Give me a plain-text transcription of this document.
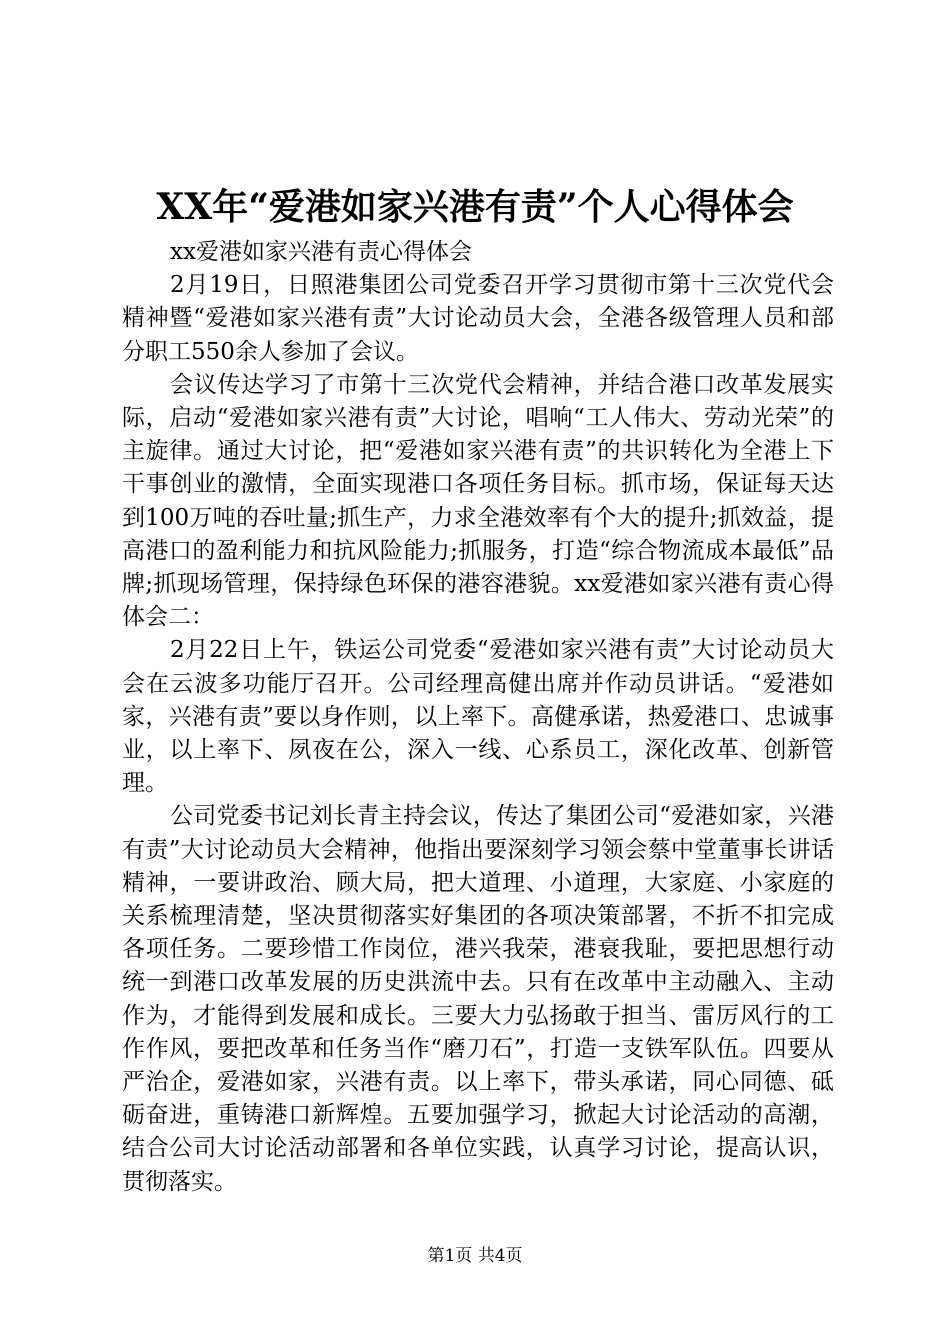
XX年“爱港如家兴港有责”个人心得体会

xx爱港如家兴港有责心得体会

2月19日，日照港集团公司党委召开学习贯彻市第十三次党代会精神暨“爱港如家兴港有责”大讨论动员大会，全港各级管理人员和部分职工550余人参加了会议。

会议传达学习了市第十三次党代会精神，并结合港口改革发展实际，启动“爱港如家兴港有责”大讨论，唱响“工人伟大、劳动光荣”的主旋律。通过大讨论，把“爱港如家兴港有责”的共识转化为全港上下干事创业的激情，全面实现港口各项任务目标。抓市场，保证每天达到100万吨的吞吐量;抓生产，力求全港效率有个大的提升;抓效益，提高港口的盈利能力和抗风险能力;抓服务，打造“综合物流成本最低”品牌;抓现场管理，保持绿色环保的港容港貌。xx爱港如家兴港有责心得体会二：

2月22日上午，铁运公司党委“爱港如家兴港有责”大讨论动员大会在云波多功能厅召开。公司经理高健出席并作动员讲话。“爱港如家，兴港有责”要以身作则，以上率下。高健承诺，热爱港口、忠诚事业，以上率下、夙夜在公，深入一线、心系员工，深化改革、创新管理。

公司党委书记刘长青主持会议，传达了集团公司“爱港如家，兴港有责”大讨论动员大会精神，他指出要深刻学习领会蔡中堂董事长讲话精神，一要讲政治、顾大局，把大道理、小道理，大家庭、小家庭的关系梳理清楚，坚决贯彻落实好集团的各项决策部署，不折不扣完成各项任务。二要珍惜工作岗位，港兴我荣，港衰我耻，要把思想行动统一到港口改革发展的历史洪流中去。只有在改革中主动融入、主动作为，才能得到发展和成长。三要大力弘扬敢于担当、雷厉风行的工作作风，要把改革和任务当作“磨刀石”，打造一支铁军队伍。四要从严治企，爱港如家，兴港有责。以上率下，带头承诺，同心同德、砥砺奋进，重铸港口新辉煌。五要加强学习，掀起大讨论活动的高潮，结合公司大讨论活动部署和各单位实践，认真学习讨论，提高认识，贯彻落实。

第1页 共4页
